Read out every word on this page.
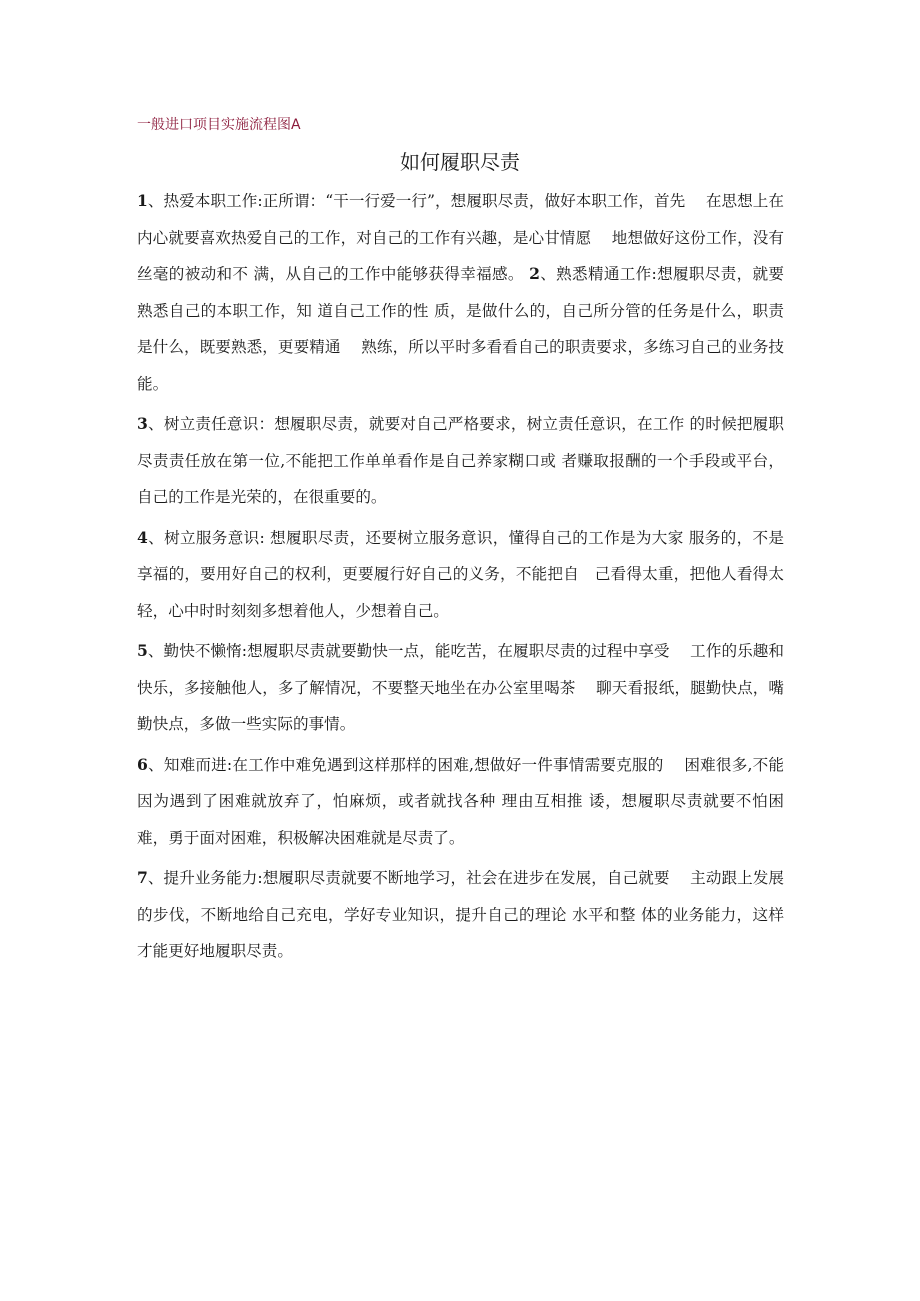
一般进口项目实施流程图A
如何履职尽责

1、热爱本职工作:正所谓：“干一行爱一行”，想履职尽责，做好本职工作，首先　 在思想上在内心就要喜欢热爱自己的工作，对自己的工作有兴趣，是心甘情愿　 地想做好这份工作，没有丝毫的被动和不 满，从自己的工作中能够获得幸福感。 2、熟悉精通工作:想履职尽责，就要熟悉自己的本职工作，知 道自己工作的性 质，是做什么的，自己所分管的任务是什么，职责是什么，既要熟悉，更要精通　 熟练，所以平时多看看自己的职责要求，多练习自己的业务技能。

3、树立责任意识：想履职尽责，就要对自己严格要求，树立责任意识，在工作 的时候把履职尽责责任放在第一位,不能把工作单单看作是自己养家糊口或 者赚取报酬的一个手段或平台，自己的工作是光荣的，在很重要的。

4、树立服务意识: 想履职尽责，还要树立服务意识，懂得自己的工作是为大家 服务的，不是享福的，要用好自己的权利，更要履行好自己的义务，不能把自　己看得太重，把他人看得太轻，心中时时刻刻多想着他人，少想着自己。

5、勤快不懒惰:想履职尽责就要勤快一点，能吃苦，在履职尽责的过程中享受　 工作的乐趣和快乐，多接触他人，多了解情况，不要整天地坐在办公室里喝茶　 聊天看报纸，腿勤快点，嘴勤快点，多做一些实际的事情。

6、知难而进:在工作中难免遇到这样那样的困难,想做好一件事情需要克服的　 困难很多,不能因为遇到了困难就放弃了，怕麻烦，或者就找各种 理由互相推 诿，想履职尽责就要不怕困难，勇于面对困难，积极解决困难就是尽责了。

7、提升业务能力:想履职尽责就要不断地学习，社会在进步在发展，自己就要　 主动跟上发展的步伐，不断地给自己充电，学好专业知识，提升自己的理论 水平和整 体的业务能力，这样才能更好地履职尽责。
